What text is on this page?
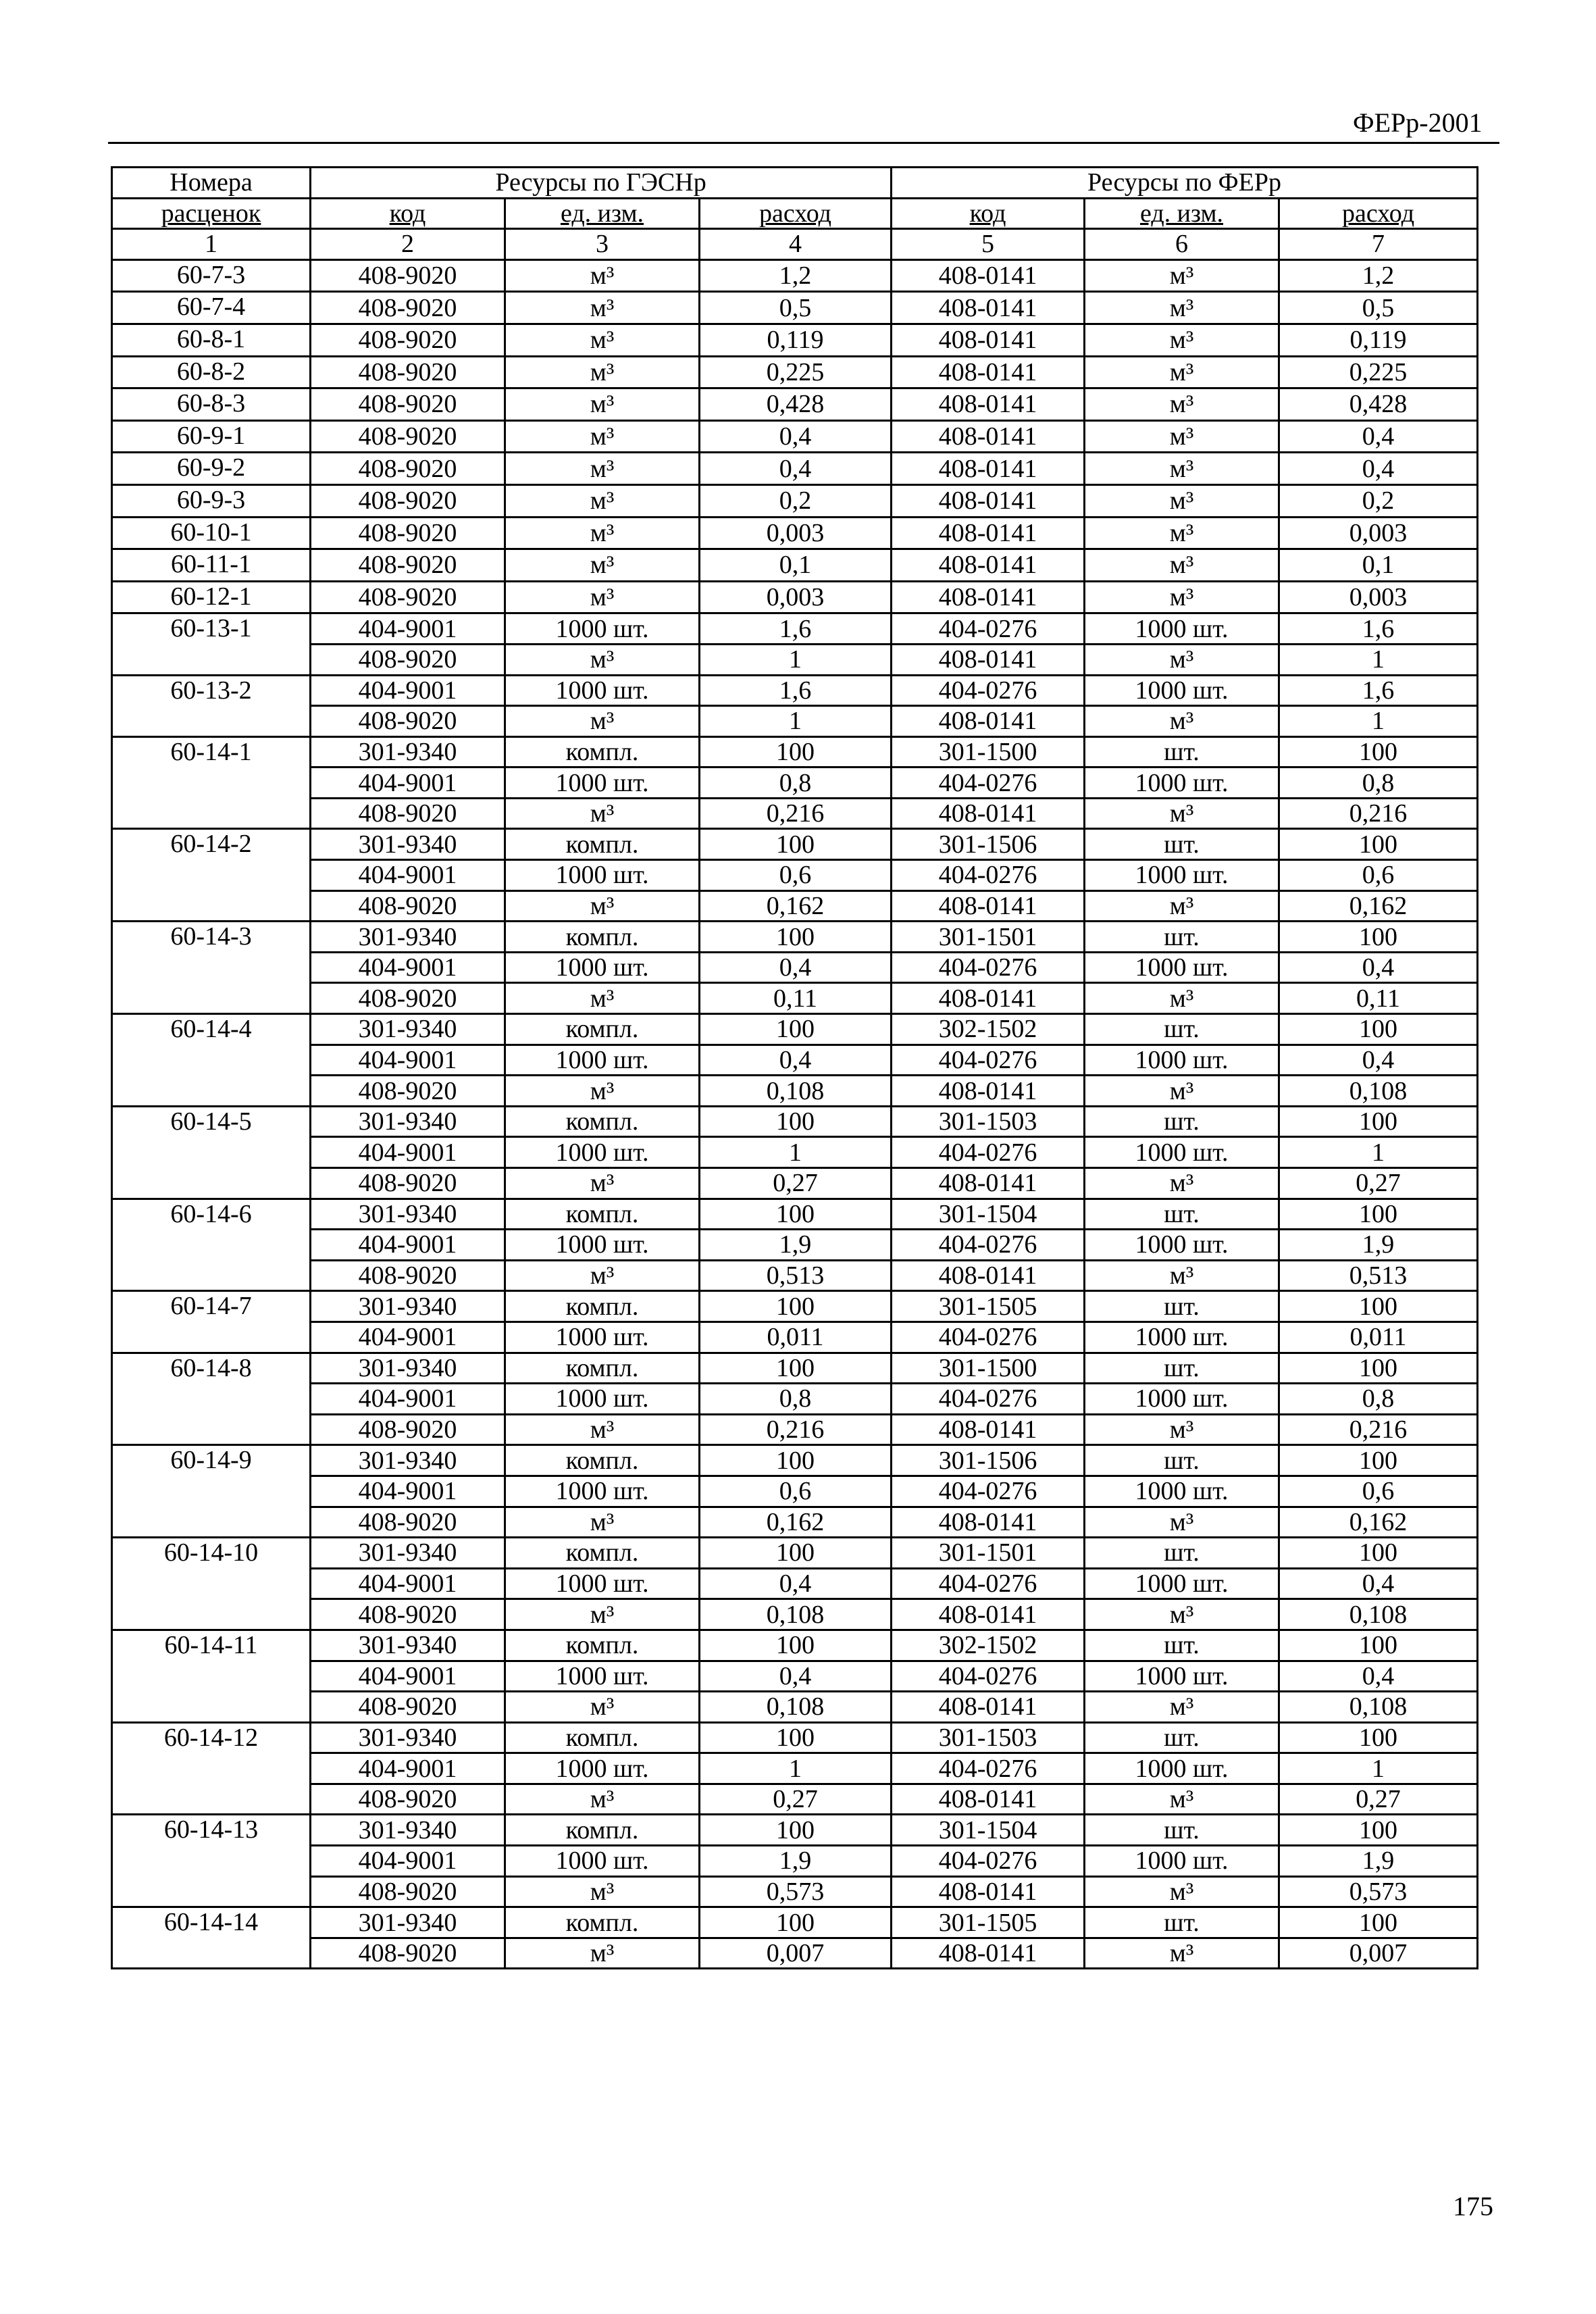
ФЕРр-2001
Номера	Ресурсы по ГЭСНр			Ресурсы по ФЕРр		
расценок	код	ед. изм.	расход	код	ед. изм.	расход
1	2	3	4	5	6	7
60-7-3	408-9020	м³	1,2	408-0141	м³	1,2
60-7-4	408-9020	м³	0,5	408-0141	м³	0,5
60-8-1	408-9020	м³	0,119	408-0141	м³	0,119
60-8-2	408-9020	м³	0,225	408-0141	м³	0,225
60-8-3	408-9020	м³	0,428	408-0141	м³	0,428
60-9-1	408-9020	м³	0,4	408-0141	м³	0,4
60-9-2	408-9020	м³	0,4	408-0141	м³	0,4
60-9-3	408-9020	м³	0,2	408-0141	м³	0,2
60-10-1	408-9020	м³	0,003	408-0141	м³	0,003
60-11-1	408-9020	м³	0,1	408-0141	м³	0,1
60-12-1	408-9020	м³	0,003	408-0141	м³	0,003
60-13-1	404-9001	1000 шт.	1,6	404-0276	1000 шт.	1,6
	408-9020	м³	1	408-0141	м³	1
60-13-2	404-9001	1000 шт.	1,6	404-0276	1000 шт.	1,6
	408-9020	м³	1	408-0141	м³	1
60-14-1	301-9340	компл.	100	301-1500	шт.	100
	404-9001	1000 шт.	0,8	404-0276	1000 шт.	0,8
	408-9020	м³	0,216	408-0141	м³	0,216
60-14-2	301-9340	компл.	100	301-1506	шт.	100
	404-9001	1000 шт.	0,6	404-0276	1000 шт.	0,6
	408-9020	м³	0,162	408-0141	м³	0,162
60-14-3	301-9340	компл.	100	301-1501	шт.	100
	404-9001	1000 шт.	0,4	404-0276	1000 шт.	0,4
	408-9020	м³	0,11	408-0141	м³	0,11
60-14-4	301-9340	компл.	100	302-1502	шт.	100
	404-9001	1000 шт.	0,4	404-0276	1000 шт.	0,4
	408-9020	м³	0,108	408-0141	м³	0,108
60-14-5	301-9340	компл.	100	301-1503	шт.	100
	404-9001	1000 шт.	1	404-0276	1000 шт.	1
	408-9020	м³	0,27	408-0141	м³	0,27
60-14-6	301-9340	компл.	100	301-1504	шт.	100
	404-9001	1000 шт.	1,9	404-0276	1000 шт.	1,9
	408-9020	м³	0,513	408-0141	м³	0,513
60-14-7	301-9340	компл.	100	301-1505	шт.	100
	404-9001	1000 шт.	0,011	404-0276	1000 шт.	0,011
60-14-8	301-9340	компл.	100	301-1500	шт.	100
	404-9001	1000 шт.	0,8	404-0276	1000 шт.	0,8
	408-9020	м³	0,216	408-0141	м³	0,216
60-14-9	301-9340	компл.	100	301-1506	шт.	100
	404-9001	1000 шт.	0,6	404-0276	1000 шт.	0,6
	408-9020	м³	0,162	408-0141	м³	0,162
60-14-10	301-9340	компл.	100	301-1501	шт.	100
	404-9001	1000 шт.	0,4	404-0276	1000 шт.	0,4
	408-9020	м³	0,108	408-0141	м³	0,108
60-14-11	301-9340	компл.	100	302-1502	шт.	100
	404-9001	1000 шт.	0,4	404-0276	1000 шт.	0,4
	408-9020	м³	0,108	408-0141	м³	0,108
60-14-12	301-9340	компл.	100	301-1503	шт.	100
	404-9001	1000 шт.	1	404-0276	1000 шт.	1
	408-9020	м³	0,27	408-0141	м³	0,27
60-14-13	301-9340	компл.	100	301-1504	шт.	100
	404-9001	1000 шт.	1,9	404-0276	1000 шт.	1,9
	408-9020	м³	0,573	408-0141	м³	0,573
60-14-14	301-9340	компл.	100	301-1505	шт.	100
	408-9020	м³	0,007	408-0141	м³	0,007
175
